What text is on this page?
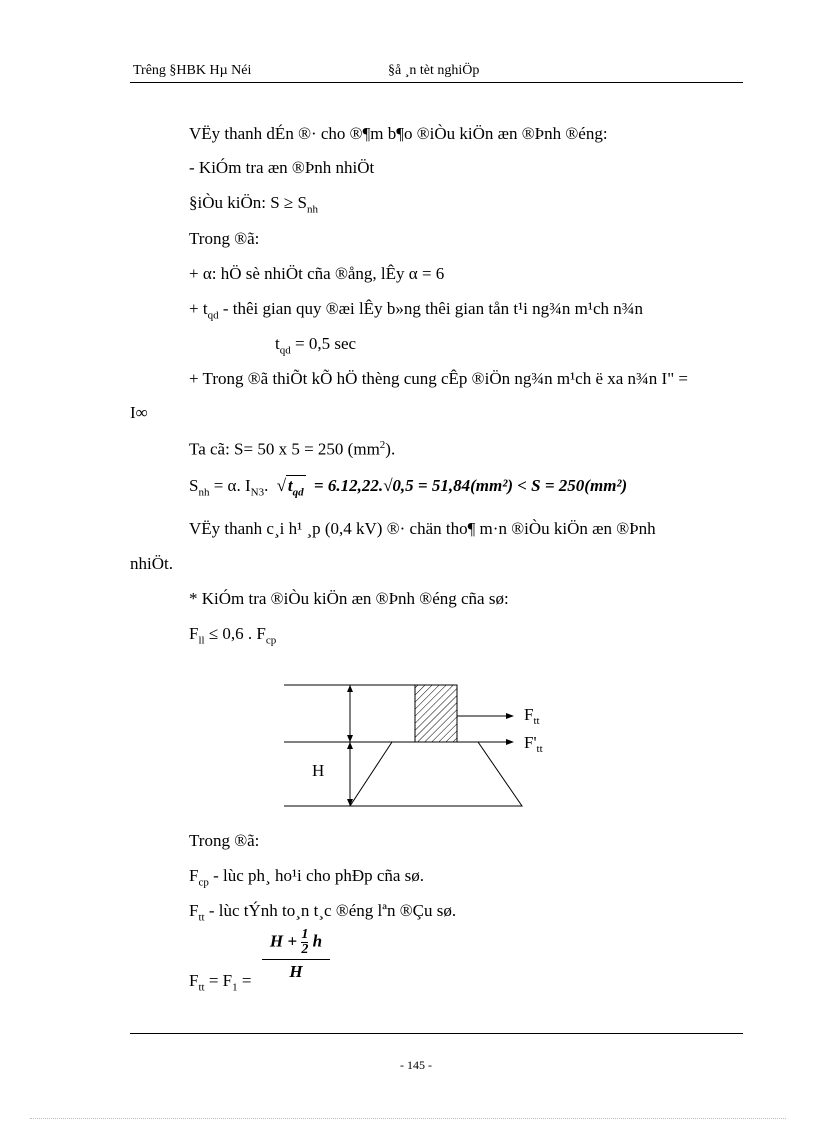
Trêng §HBK Hµ Néi	§å ¸n tèt nghiÖp
VËy thanh dÉn ®· cho ®¶m b¶o ®iÒu kiÖn æn ®Þnh ®éng:
- KiÓm tra æn ®Þnh nhiÖt
§iÒu kiÖn: $S \ge S_{nh}$
Trong ®ã:
+ α: hÖ sè nhiÖt cña ®ång, lÊy α = 6
+ $t_{qd}$ - thêi gian quy ®æi lÊy b»ng thêi gian tån t¹i ng¾n m¹ch n¾n
$t_{qd} = 0,5$ sec
+ Trong ®ã thiÕt kÕ hÖ thèng cung cÊp ®iÖn ng¾n m¹ch ë xa n¾n I" =
I∞
Ta cã: S= 50 x 5 = 250 $(mm^2)$.
$S_{nh} = \alpha$. $I_{N3}$. √ $t_{qd} = 6.12,22.√0,5 = 51,84(mm^2) < S = 250(mm^2)$
VËy thanh c¸i h¹ ¸p (0,4 kV) ®· chän tho¶ m·n ®iÒu kiÖn æn ®Þnh
nhiÖt.
* KiÓm tra ®iÒu kiÖn æn ®Þnh ®éng cña sø:
$F_{ll} \le 0,6$ . $F_{cp}$
H
$F_{tt}$
$F'_{tt}$
Trong ®ã:
$F_{cp}$ - lùc ph¸ ho¹i cho phÐp cña sø.
$F_{tt}$ - lùc tÝnh to¸n t¸c ®éng lªn ®Çu sø.
$F_{tt} = F_1 = \frac{H + \frac{1}{2} h}{H}$
- 145 -
